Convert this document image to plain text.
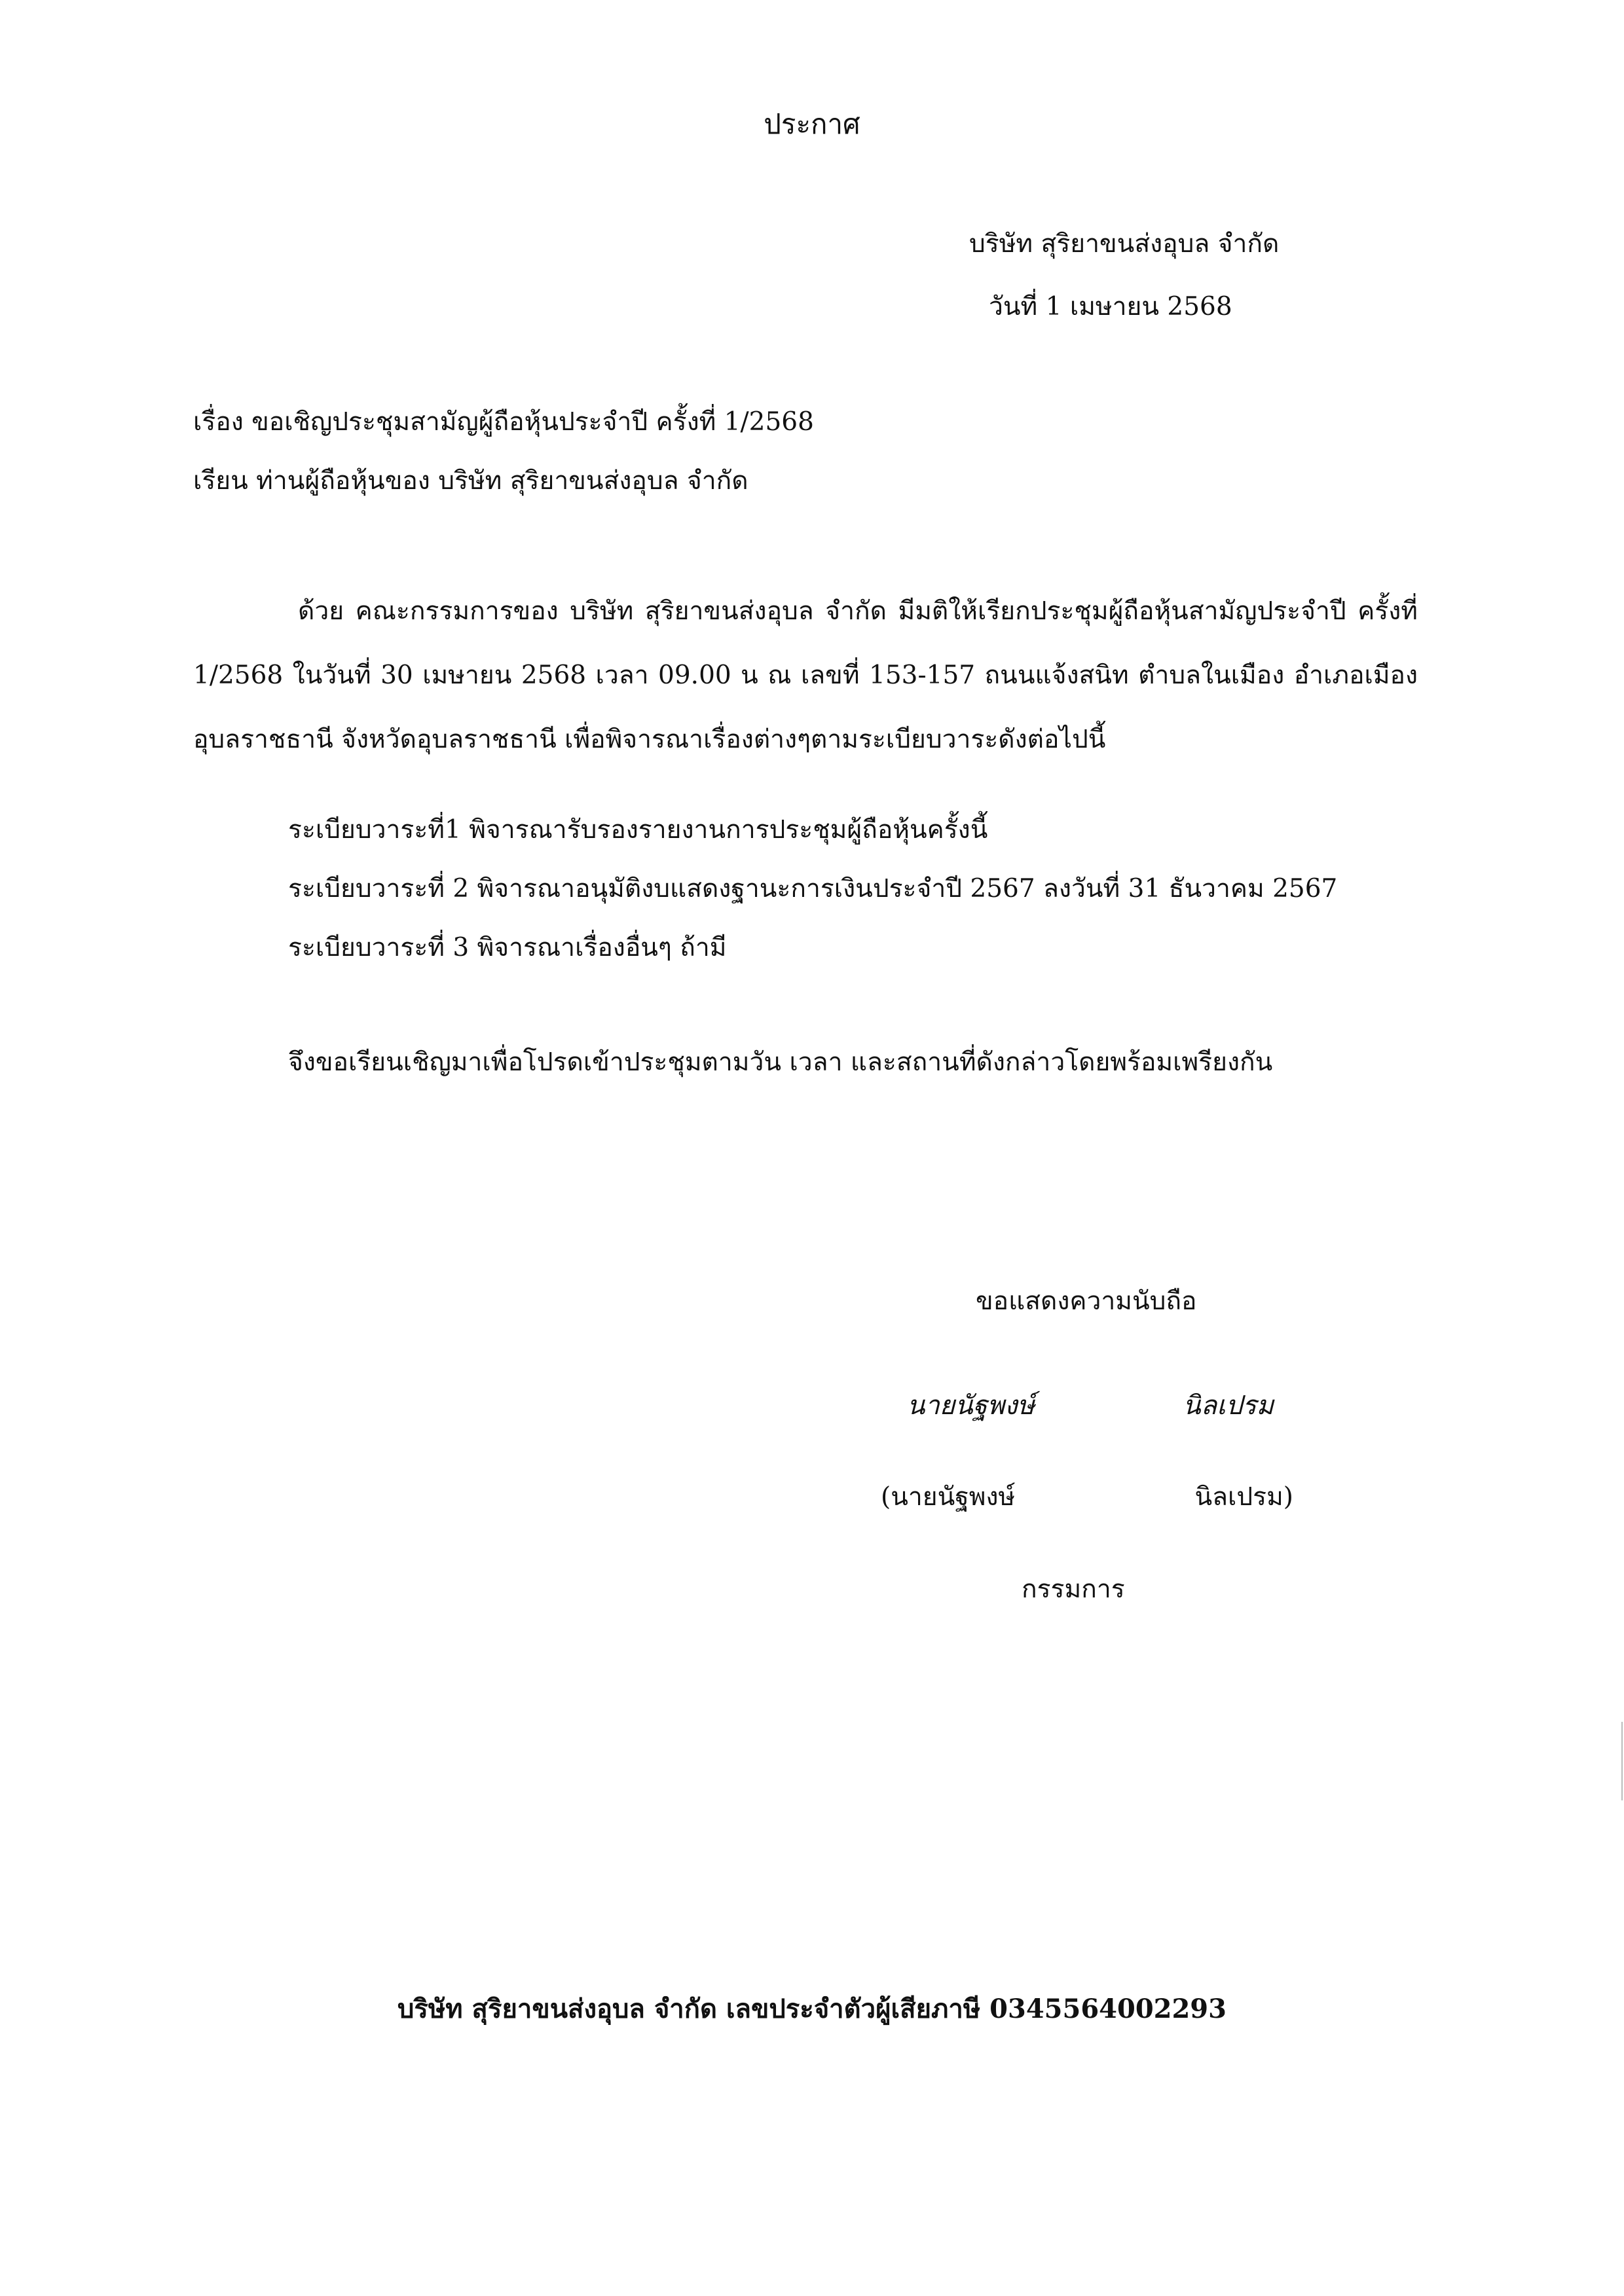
ประกาศ
บริษัท สุริยาขนส่งอุบล จำกัด
วันที่ 1 เมษายน 2568
เรื่อง ขอเชิญประชุมสามัญผู้ถือหุ้นประจำปี ครั้งที่ 1/2568
เรียน ท่านผู้ถือหุ้นของ บริษัท สุริยาขนส่งอุบล จำกัด
ด้วย คณะกรรมการของ บริษัท สุริยาขนส่งอุบล จำกัด มีมติให้เรียกประชุมผู้ถือหุ้นสามัญประจำปี ครั้งที่ 1/2568 ในวันที่ 30 เมษายน 2568 เวลา 09.00 น ณ เลขที่ 153-157 ถนนแจ้งสนิท ตำบลในเมือง อำเภอเมืองอุบลราชธานี จังหวัดอุบลราชธานี เพื่อพิจารณาเรื่องต่างๆตามระเบียบวาระดังต่อไปนี้
ระเบียบวาระที่1 พิจารณารับรองรายงานการประชุมผู้ถือหุ้นครั้งนี้
ระเบียบวาระที่ 2 พิจารณาอนุมัติงบแสดงฐานะการเงินประจำปี 2567 ลงวันที่ 31 ธันวาคม 2567
ระเบียบวาระที่ 3 พิจารณาเรื่องอื่นๆ ถ้ามี
จึงขอเรียนเชิญมาเพื่อโปรดเข้าประชุมตามวัน เวลา และสถานที่ดังกล่าวโดยพร้อมเพรียงกัน
ขอแสดงความนับถือ
นายนัฐพงษ์	นิลเปรม
(นายนัฐพงษ์	นิลเปรม)
กรรมการ
บริษัท สุริยาขนส่งอุบล จำกัด เลขประจำตัวผู้เสียภาษี 0345564002293
